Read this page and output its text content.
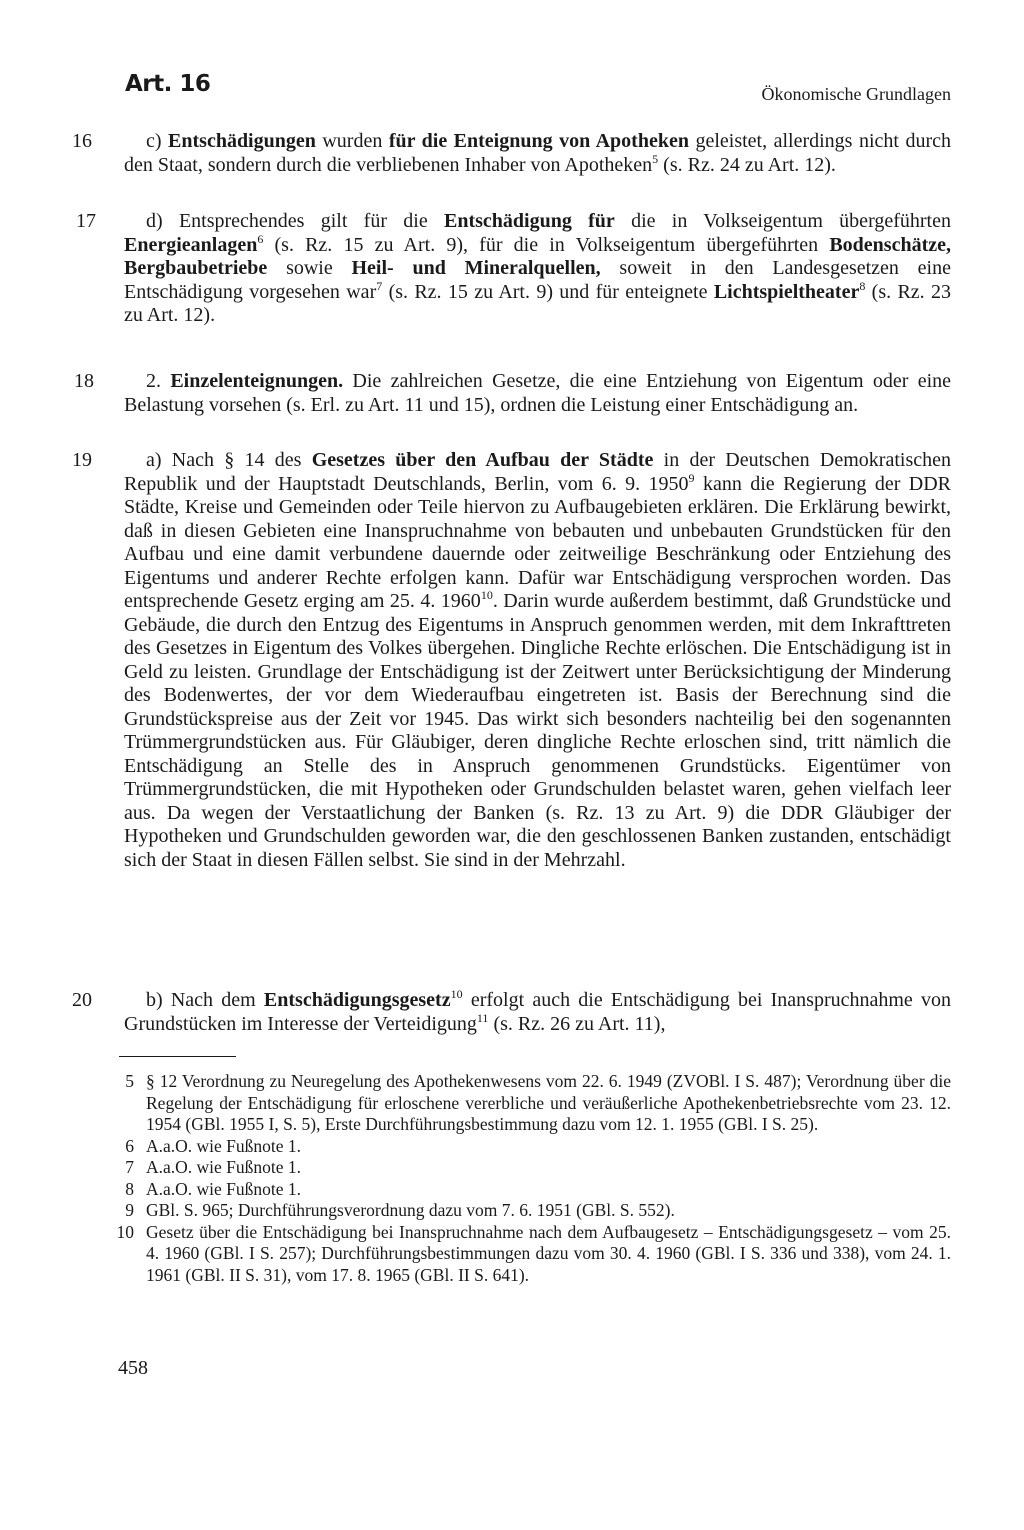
Art. 16	Ökonomische Grundlagen
16	c) Entschädigungen wurden für die Enteignung von Apotheken geleistet, allerdings nicht durch den Staat, sondern durch die verbliebenen Inhaber von Apotheken$^5$ (s. Rz. 24 zu Art. 12).
17	d) Entsprechendes gilt für die Entschädigung für die in Volkseigentum übergeführten Energieanlagen$^6$ (s. Rz. 15 zu Art. 9), für die in Volkseigentum übergeführten Bodenschätze, Bergbaubetriebe sowie Heil- und Mineralquellen, soweit in den Landesgesetzen eine Entschädigung vorgesehen war$^7$ (s. Rz. 15 zu Art. 9) und für enteignete Lichtspieltheater$^8$ (s. Rz. 23 zu Art. 12).
18	2. Einzelenteignungen. Die zahlreichen Gesetze, die eine Entziehung von Eigentum oder eine Belastung vorsehen (s. Erl. zu Art. 11 und 15), ordnen die Leistung einer Entschädigung an.
19	a) Nach § 14 des Gesetzes über den Aufbau der Städte in der Deutschen Demokratischen Republik und der Hauptstadt Deutschlands, Berlin, vom 6. 9. 1950$^9$ kann die Regierung der DDR Städte, Kreise und Gemeinden oder Teile hiervon zu Aufbaugebieten erklären. Die Erklärung bewirkt, daß in diesen Gebieten eine Inanspruchnahme von bebauten und unbebauten Grundstücken für den Aufbau und eine damit verbundene dauernde oder zeitweilige Beschränkung oder Entziehung des Eigentums und anderer Rechte erfolgen kann. Dafür war Entschädigung versprochen worden. Das entsprechende Gesetz erging am 25. 4. 1960$^{10}$. Darin wurde außerdem bestimmt, daß Grundstücke und Gebäude, die durch den Entzug des Eigentums in Anspruch genommen werden, mit dem Inkrafttreten des Gesetzes in Eigentum des Volkes übergehen. Dingliche Rechte erlöschen. Die Entschädigung ist in Geld zu leisten. Grundlage der Entschädigung ist der Zeitwert unter Berücksichtigung der Minderung des Bodenwertes, der vor dem Wiederaufbau eingetreten ist. Basis der Berechnung sind die Grundstückspreise aus der Zeit vor 1945. Das wirkt sich besonders nachteilig bei den sogenannten Trümmergrundstücken aus. Für Gläubiger, deren dingliche Rechte erloschen sind, tritt nämlich die Entschädigung an Stelle des in Anspruch genommenen Grundstücks. Eigentümer von Trümmergrundstücken, die mit Hypotheken oder Grundschulden belastet waren, gehen vielfach leer aus. Da wegen der Verstaatlichung der Banken (s. Rz. 13 zu Art. 9) die DDR Gläubiger der Hypotheken und Grundschulden geworden war, die den geschlossenen Banken zustanden, entschädigt sich der Staat in diesen Fällen selbst. Sie sind in der Mehrzahl.
20	b) Nach dem Entschädigungsgesetz$^{10}$ erfolgt auch die Entschädigung bei Inanspruchnahme von Grundstücken im Interesse der Verteidigung$^{11}$ (s. Rz. 26 zu Art. 11),
5 § 12 Verordnung zu Neuregelung des Apothekenwesens vom 22. 6. 1949 (ZVOBl. I S. 487); Verordnung über die Regelung der Entschädigung für erloschene vererbliche und veräußerliche Apothekenbetriebsrechte vom 23. 12. 1954 (GBl. 1955 I, S. 5), Erste Durchführungsbestimmung dazu vom 12. 1. 1955 (GBl. I S. 25).
6 A.a.O. wie Fußnote 1.
7 A.a.O. wie Fußnote 1.
8 A.a.O. wie Fußnote 1.
9 GBl. S. 965; Durchführungsverordnung dazu vom 7. 6. 1951 (GBl. S. 552).
10 Gesetz über die Entschädigung bei Inanspruchnahme nach dem Aufbaugesetz – Entschädigungsgesetz – vom 25. 4. 1960 (GBl. I S. 257); Durchführungsbestimmungen dazu vom 30. 4. 1960 (GBl. I S. 336 und 338), vom 24. 1. 1961 (GBl. II S. 31), vom 17. 8. 1965 (GBl. II S. 641).
458
